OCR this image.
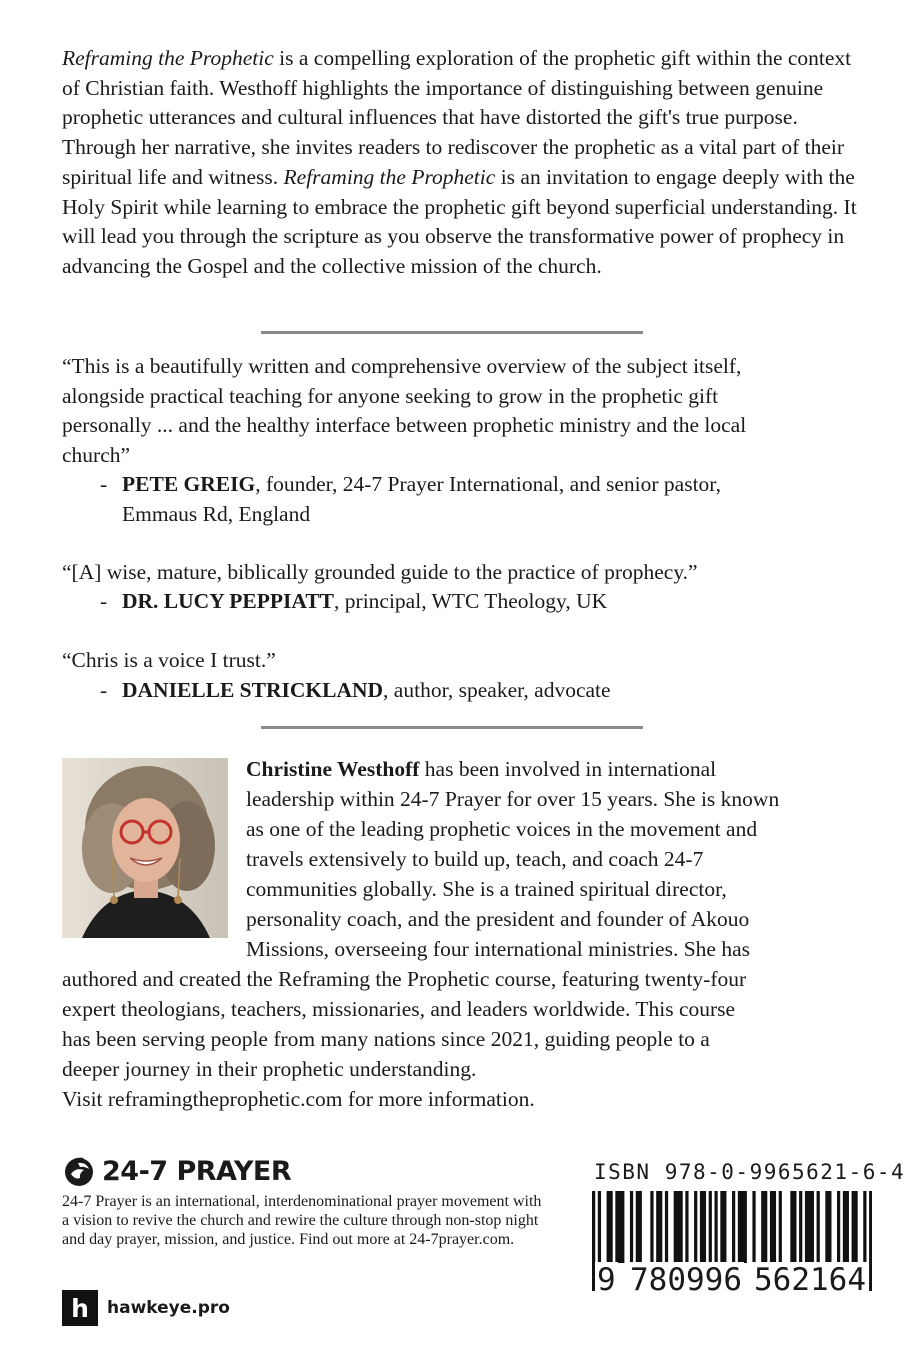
Reframing the Prophetic is a compelling exploration of the prophetic gift within the context of Christian faith. Westhoff highlights the importance of distinguishing between genuine prophetic utterances and cultural influences that have distorted the gift's true purpose. Through her narrative, she invites readers to rediscover the prophetic as a vital part of their spiritual life and witness. Reframing the Prophetic is an invitation to engage deeply with the Holy Spirit while learning to embrace the prophetic gift beyond superficial understanding. It will lead you through the scripture as you observe the transformative power of prophecy in advancing the Gospel and the collective mission of the church.
“This is a beautifully written and comprehensive overview of the subject itself, alongside practical teaching for anyone seeking to grow in the prophetic gift personally ... and the healthy interface between prophetic ministry and the local church”
- PETE GREIG, founder, 24-7 Prayer International, and senior pastor, Emmaus Rd, England
“[A] wise, mature, biblically grounded guide to the practice of prophecy.”
- DR. LUCY PEPPIATT, principal, WTC Theology, UK
“Chris is a voice I trust.”
- DANIELLE STRICKLAND, author, speaker, advocate
Christine Westhoff has been involved in international
leadership within 24-7 Prayer for over 15 years. She is known
as one of the leading prophetic voices in the movement and
travels extensively to build up, teach, and coach 24-7
communities globally. She is a trained spiritual director,
personality coach, and the president and founder of Akouo
Missions, overseeing four international ministries. She has
authored and created the Reframing the Prophetic course, featuring twenty-four
expert theologians, teachers, missionaries, and leaders worldwide. This course
has been serving people from many nations since 2021, guiding people to a
deeper journey in their prophetic understanding.
Visit reframingtheprophetic.com for more information.
24-7 PRAYER
24-7 Prayer is an international, interdenominational prayer movement with a vision to revive the church and rewire the culture through non-stop night and day prayer, mission, and justice. Find out more at 24-7prayer.com.
h	hawkeye.pro
ISBN 978-0-9965621-6-4
9 780996 562164
